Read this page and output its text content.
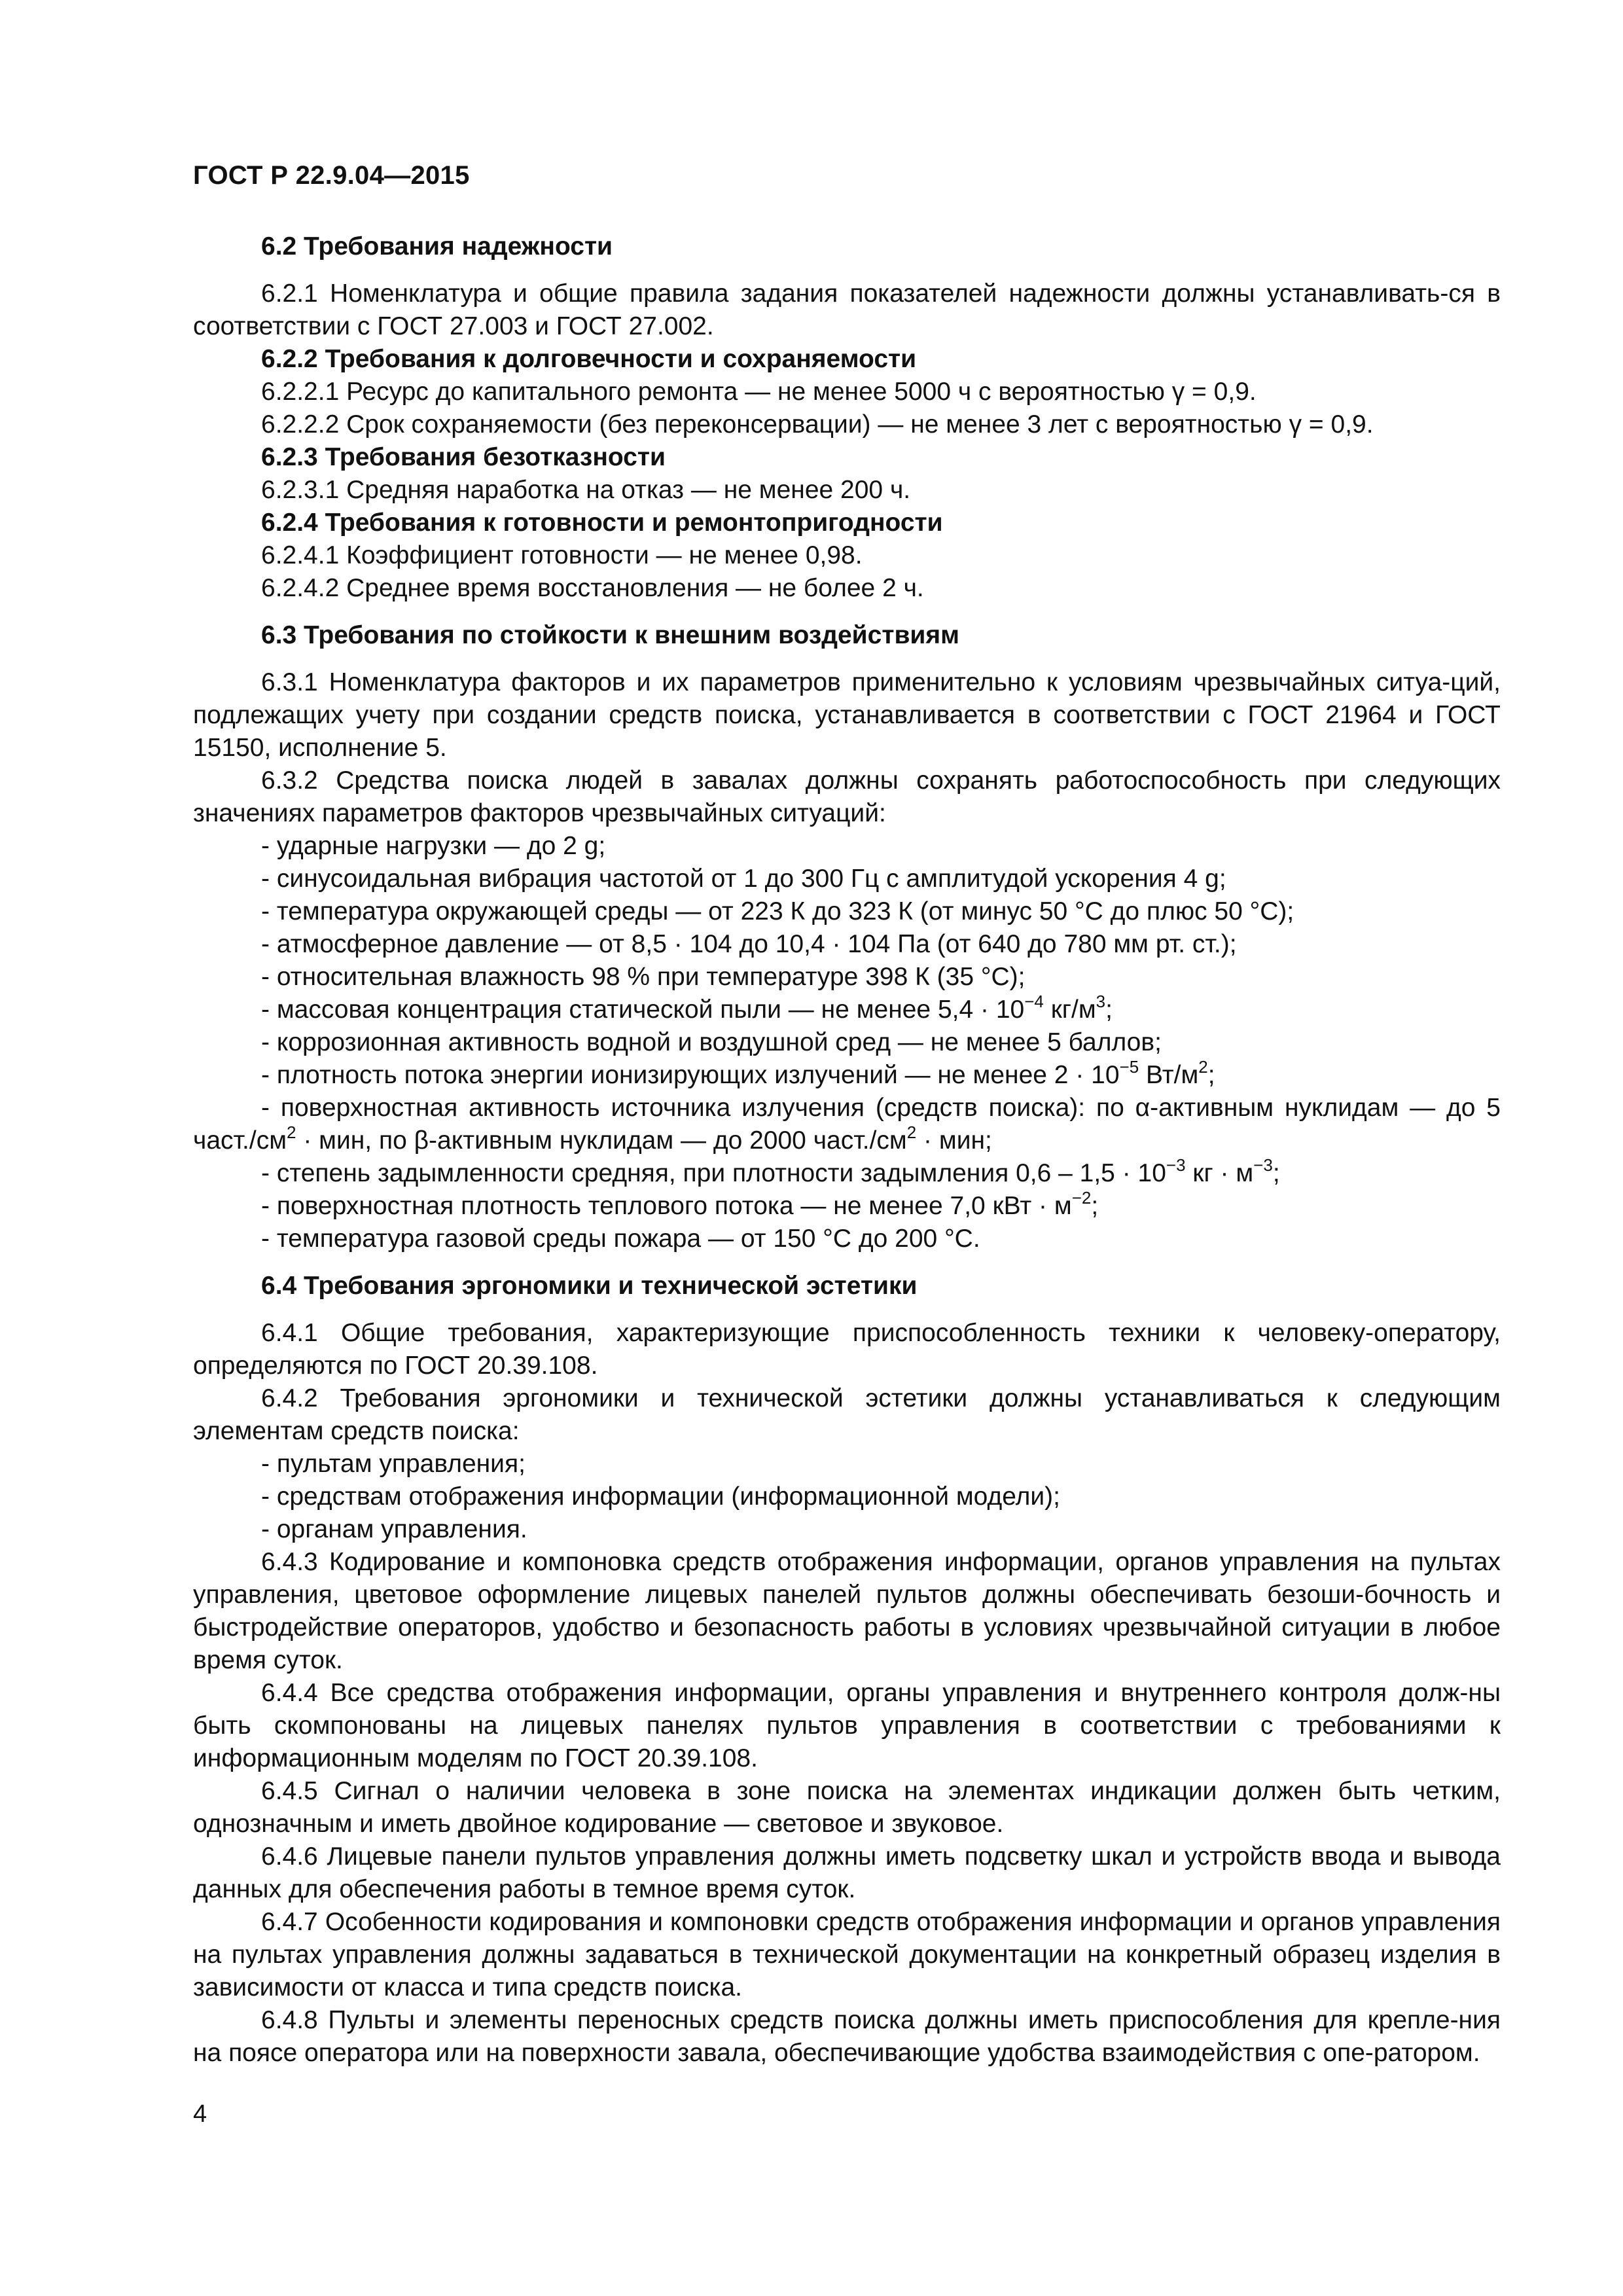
ГОСТ Р 22.9.04—2015

6.2 Требования надежности

6.2.1 Номенклатура и общие правила задания показателей надежности должны устанавливать-ся в соответствии с ГОСТ 27.003 и ГОСТ 27.002.

6.2.2 Требования к долговечности и сохраняемости

6.2.2.1 Ресурс до капитального ремонта — не менее 5000 ч с вероятностью γ = 0,9.

6.2.2.2 Срок сохраняемости (без переконсервации) — не менее 3 лет с вероятностью γ = 0,9.

6.2.3 Требования безотказности

6.2.3.1 Средняя наработка на отказ — не менее 200 ч.

6.2.4 Требования к готовности и ремонтопригодности

6.2.4.1 Коэффициент готовности — не менее 0,98.

6.2.4.2 Среднее время восстановления — не более 2 ч.

6.3 Требования по стойкости к внешним воздействиям

6.3.1 Номенклатура факторов и их параметров применительно к условиям чрезвычайных ситуа-ций, подлежащих учету при создании средств поиска, устанавливается в соответствии с ГОСТ 21964 и ГОСТ 15150, исполнение 5.

6.3.2 Средства поиска людей в завалах должны сохранять работоспособность при следующих значениях параметров факторов чрезвычайных ситуаций:

- ударные нагрузки — до 2 g;

- синусоидальная вибрация частотой от 1 до 300 Гц с амплитудой ускорения 4 g;

- температура окружающей среды — от 223 К до 323 К (от минус 50 °С до плюс 50 °С);

- атмосферное давление — от 8,5 · 104 до 10,4 · 104 Па (от 640 до 780 мм рт. ст.);

- относительная влажность 98 % при температуре 398 К (35 °С);

- массовая концентрация статической пыли — не менее $5,4 \cdot 10^{-4}$ $кг/м^3$;

- коррозионная активность водной и воздушной сред — не менее 5 баллов;

- плотность потока энергии ионизирующих излучений — не менее $2 \cdot 10^{-5}$ $Вт/м^2$;

- поверхностная активность источника излучения (средств поиска): по α-активным нуклидам — до 5 $част./см^2$ · мин, по β-активным нуклидам — до 2000 $част./см^2$ · мин;

- степень задымленности средняя, при плотности задымления $0,6 - 1,5 \cdot 10^{-3}$ кг · $м^{-3}$;

- поверхностная плотность теплового потока — не менее 7,0 кВт · $м^{-2}$;

- температура газовой среды пожара — от 150 °С до 200 °С.

6.4 Требования эргономики и технической эстетики

6.4.1 Общие требования, характеризующие приспособленность техники к человеку-оператору, определяются по ГОСТ 20.39.108.

6.4.2 Требования эргономики и технической эстетики должны устанавливаться к следующим элементам средств поиска:

- пультам управления;

- средствам отображения информации (информационной модели);

- органам управления.

6.4.3 Кодирование и компоновка средств отображения информации, органов управления на пультах управления, цветовое оформление лицевых панелей пультов должны обеспечивать безоши-бочность и быстродействие операторов, удобство и безопасность работы в условиях чрезвычайной ситуации в любое время суток.

6.4.4 Все средства отображения информации, органы управления и внутреннего контроля долж-ны быть скомпонованы на лицевых панелях пультов управления в соответствии с требованиями к информационным моделям по ГОСТ 20.39.108.

6.4.5 Сигнал о наличии человека в зоне поиска на элементах индикации должен быть четким, однозначным и иметь двойное кодирование — световое и звуковое.

6.4.6 Лицевые панели пультов управления должны иметь подсветку шкал и устройств ввода и вывода данных для обеспечения работы в темное время суток.

6.4.7 Особенности кодирования и компоновки средств отображения информации и органов управления на пультах управления должны задаваться в технической документации на конкретный образец изделия в зависимости от класса и типа средств поиска.

6.4.8 Пульты и элементы переносных средств поиска должны иметь приспособления для крепле-ния на поясе оператора или на поверхности завала, обеспечивающие удобства взаимодействия с опе-ратором.

4
